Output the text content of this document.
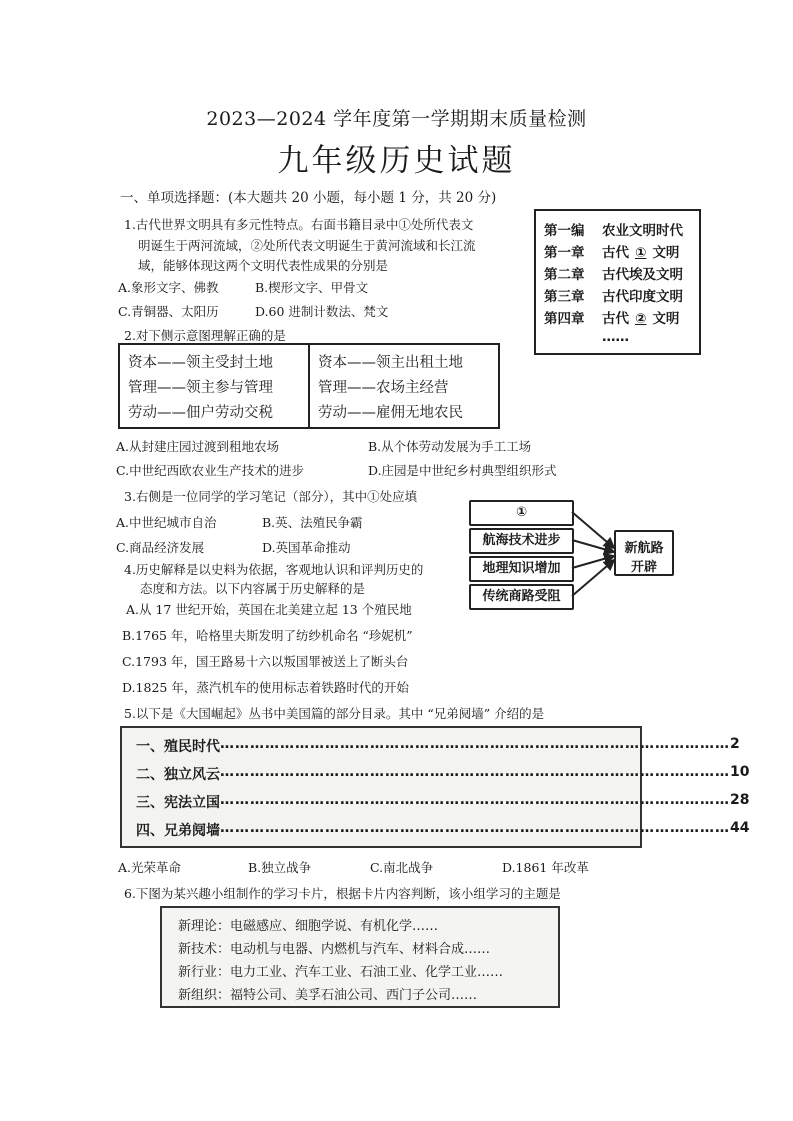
2023—2024 学年度第一学期期末质量检测
九年级历史试题
一、单项选择题：(本大题共 20 小题，每小题 1 分，共 20 分)
1.古代世界文明具有多元性特点。右面书籍目录中①处所代表文
明诞生于两河流域，②处所代表文明诞生于黄河流域和长江流
域，能够体现这两个文明代表性成果的分别是
A.象形文字、佛教	B.楔形文字、甲骨文
C.青铜器、太阳历	D.60 进制计数法、梵文
第一编 农业文明时代
第一章 古代 ① 文明
第二章 古代埃及文明
第三章 古代印度文明
第四章 古代 ② 文明
……
2.对下侧示意图理解正确的是
资本——领主受封土地
管理——领主参与管理
劳动——佃户劳动交税
资本——领主出租土地
管理——农场主经营
劳动——雇佣无地农民
A.从封建庄园过渡到租地农场	B.从个体劳动发展为手工工场
C.中世纪西欧农业生产技术的进步	D.庄园是中世纪乡村典型组织形式
3.右侧是一位同学的学习笔记（部分），其中①处应填
A.中世纪城市自治	B.英、法殖民争霸
C.商品经济发展	D.英国革命推动
①
航海技术进步
地理知识增加
传统商路受阻
新航路
开辟
4.历史解释是以史料为依据，客观地认识和评判历史的
态度和方法。以下内容属于历史解释的是
A.从 17 世纪开始，英国在北美建立起 13 个殖民地
B.1765 年，哈格里夫斯发明了纺纱机命名 “珍妮机”
C.1793 年，国王路易十六以叛国罪被送上了断头台
D.1825 年，蒸汽机车的使用标志着铁路时代的开始
5.以下是《大国崛起》丛书中美国篇的部分目录。其中 “兄弟阋墙” 介绍的是
一、殖民时代 ………………………………………………………………………………………… 2
二、独立风云 ………………………………………………………………………………………… 10
三、宪法立国 ………………………………………………………………………………………… 28
四、兄弟阋墙 ………………………………………………………………………………………… 44
A.光荣革命	B.独立战争	C.南北战争	D.1861 年改革
6.下图为某兴趣小组制作的学习卡片，根据卡片内容判断，该小组学习的主题是
新理论：电磁感应、细胞学说、有机化学……
新技术：电动机与电器、内燃机与汽车、材料合成……
新行业：电力工业、汽车工业、石油工业、化学工业……
新组织：福特公司、美孚石油公司、西门子公司……
